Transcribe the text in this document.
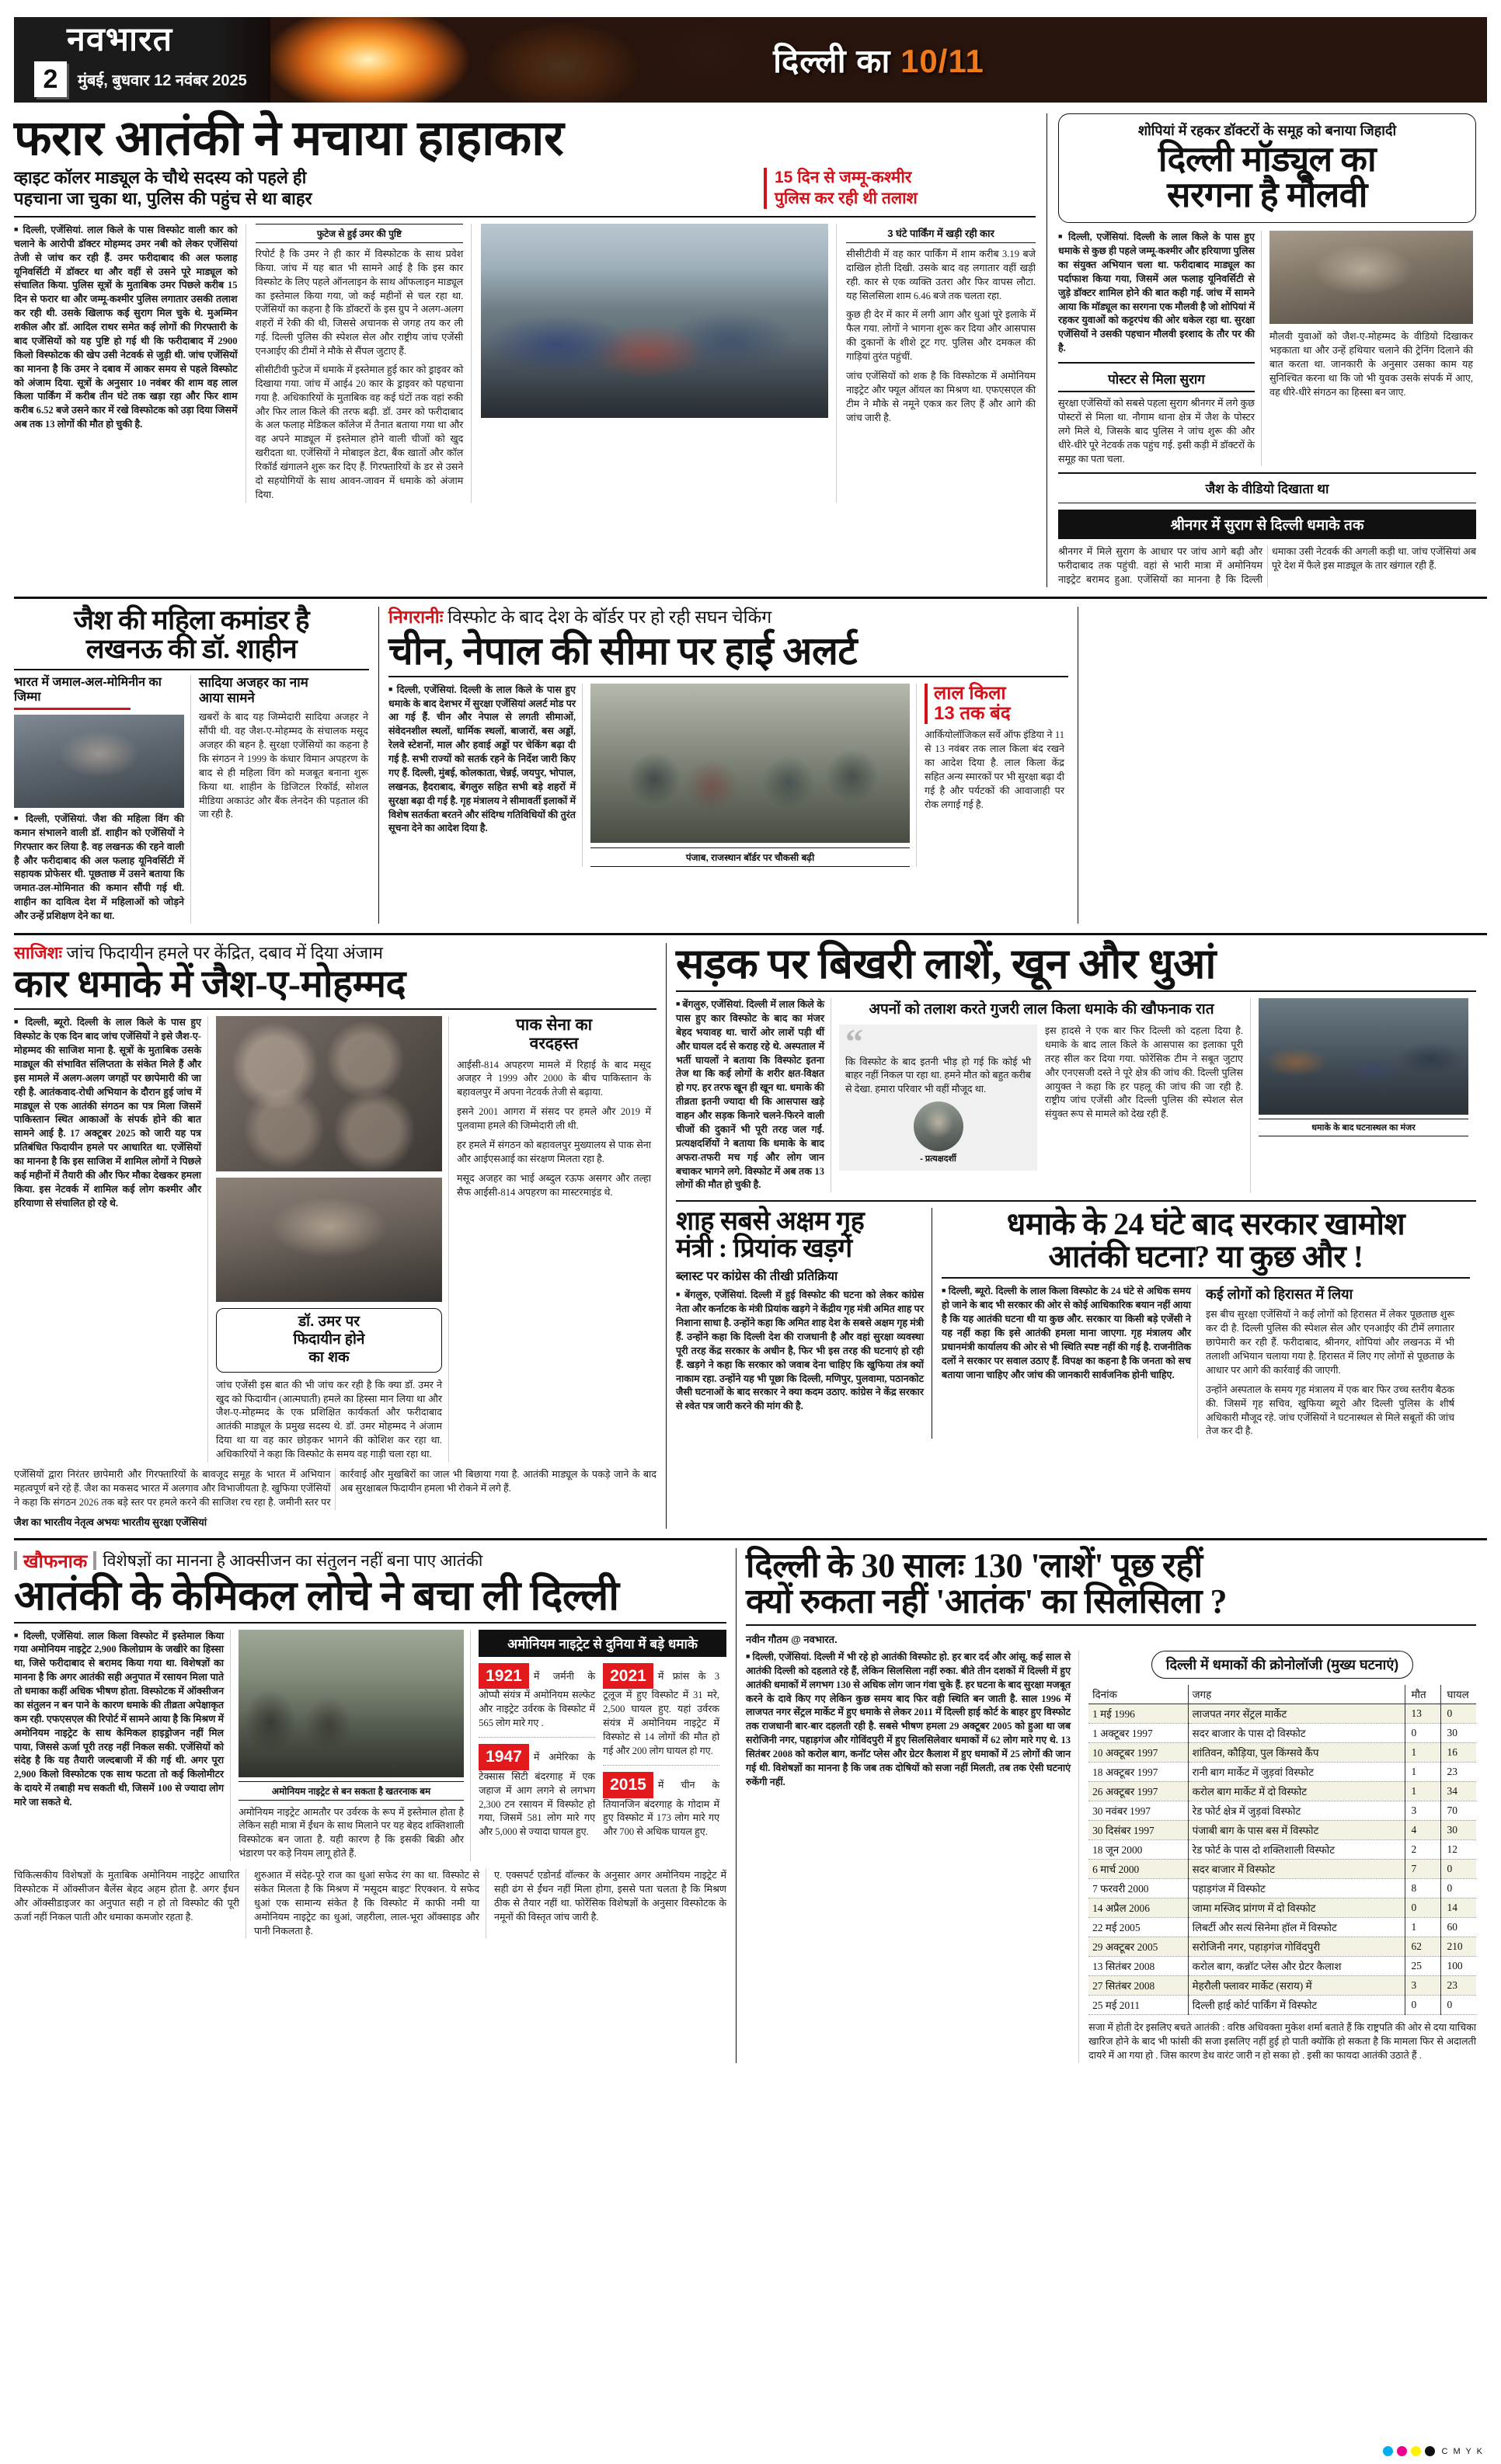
नवभारत
2	मुंबई, बुधवार 12 नवंबर 2025
दिल्ली का 10/11
फरार आतंकी ने मचाया हाहाकार
व्हाइट कॉलर माड्यूल के चौथे सदस्य को पहले ही
पहचाना जा चुका था, पुलिस की पहुंच से था बाहर
15 दिन से जम्मू-कश्मीर
पुलिस कर रही थी तलाश

■ दिल्ली, एजेंसियां. लाल किले के पास विस्फोट वाली कार को चलाने के आरोपी डॉक्टर मोहम्मद उमर नबी को लेकर एजेंसियां तेजी से जांच कर रही हैं. उमर फरीदाबाद की अल फलाह यूनिवर्सिटी में डॉक्टर था और वहीं से उसने पूरे माड्यूल को संचालित किया. पुलिस सूत्रों के मुताबिक उमर पिछले करीब 15 दिन से फरार था और जम्मू-कश्मीर पुलिस लगातार उसकी तलाश कर रही थी. उसके खिलाफ कई सुराग मिल चुके थे. मुअम्मिन शकील और डॉ. आदिल राथर समेत कई लोगों की गिरफ्तारी के बाद एजेंसियों को यह पुष्टि हो गई थी कि फरीदाबाद में 2900 किलो विस्फोटक की खेप उसी नेटवर्क से जुड़ी थी. जांच एजेंसियों का मानना है कि उमर ने दबाव में आकर समय से पहले विस्फोट को अंजाम दिया. सूत्रों के अनुसार 10 नवंबर की शाम वह लाल किला पार्किंग में करीब तीन घंटे तक खड़ा रहा और फिर शाम करीब 6.52 बजे उसने कार में रखे विस्फोटक को उड़ा दिया जिसमें अब तक 13 लोगों की मौत हो चुकी है.

फुटेज से हुई उमर की पुष्टि

रिपोर्ट है कि उमर ने ही कार में विस्फोटक के साथ प्रवेश किया. जांच में यह बात भी सामने आई है कि इस कार विस्फोट के लिए पहले ऑनलाइन के साथ ऑफलाइन माड्यूल का इस्तेमाल किया गया, जो कई महीनों से चल रहा था. एजेंसियों का कहना है कि डॉक्टरों के इस ग्रुप ने अलग-अलग शहरों में रेकी की थी, जिससे अचानक से जगह तय कर ली गई. दिल्ली पुलिस की स्पेशल सेल और राष्ट्रीय जांच एजेंसी एनआईए की टीमों ने मौके से सैंपल जुटाए हैं.

सीसीटीवी फुटेज में धमाके में इस्तेमाल हुई कार को ड्राइवर को दिखाया गया. जांच में आई4 20 कार के ड्राइवर को पहचाना गया है. अधिकारियों के मुताबिक वह कई घंटों तक वहां रुकी और फिर लाल किले की तरफ बढ़ी. डॉ. उमर को फरीदाबाद के अल फलाह मेडिकल कॉलेज में तैनात बताया गया था और वह अपने माड्यूल में इस्तेमाल होने वाली चीजों को खुद खरीदता था. एजेंसियों ने मोबाइल डेटा, बैंक खातों और कॉल रिकॉर्ड खंगालने शुरू कर दिए हैं. गिरफ्तारियों के डर से उसने दो सहयोगियों के साथ आवन-जावन में धमाके को अंजाम दिया.

3 घंटे पार्किंग में खड़ी रही कार

सीसीटीवी में वह कार पार्किंग में शाम करीब 3.19 बजे दाखिल होती दिखी. उसके बाद वह लगातार वहीं खड़ी रही. कार से एक व्यक्ति उतरा और फिर वापस लौटा. यह सिलसिला शाम 6.46 बजे तक चलता रहा.

कुछ ही देर में कार में लगी आग और धुआं पूरे इलाके में फैल गया. लोगों ने भागना शुरू कर दिया और आसपास की दुकानों के शीशे टूट गए. पुलिस और दमकल की गाड़ियां तुरंत पहुंचीं.

जांच एजेंसियों को शक है कि विस्फोटक में अमोनियम नाइट्रेट और फ्यूल ऑयल का मिश्रण था. एफएसएल की टीम ने मौके से नमूने एकत्र कर लिए हैं और आगे की जांच जारी है.

शोपियां में रहकर डॉक्टरों के समूह को बनाया जिहादी
दिल्ली मॉड्यूल का
सरगना है मौलवी

■ दिल्ली, एजेंसियां. दिल्ली के लाल किले के पास हुए धमाके से कुछ ही पहले जम्मू-कश्मीर और हरियाणा पुलिस का संयुक्त अभियान चला था. फरीदाबाद माड्यूल का पर्दाफाश किया गया, जिसमें अल फलाह यूनिवर्सिटी से जुड़े डॉक्टर शामिल होने की बात कही गई. जांच में सामने आया कि मॉड्यूल का सरगना एक मौलवी है जो शोपियां में रहकर युवाओं को कट्टरपंथ की ओर धकेल रहा था. सुरक्षा एजेंसियों ने उसकी पहचान मौलवी इरशाद के तौर पर की है.

पोस्टर से मिला सुराग

सुरक्षा एजेंसियों को सबसे पहला सुराग श्रीनगर में लगे कुछ पोस्टरों से मिला था. नौगाम थाना क्षेत्र में जैश के पोस्टर लगे मिले थे, जिसके बाद पुलिस ने जांच शुरू की और धीरे-धीरे पूरे नेटवर्क तक पहुंच गई. इसी कड़ी में डॉक्टरों के समूह का पता चला.

मौलवी युवाओं को जैश-ए-मोहम्मद के वीडियो दिखाकर भड़काता था और उन्हें हथियार चलाने की ट्रेनिंग दिलाने की बात करता था. जानकारी के अनुसार उसका काम यह सुनिश्चित करना था कि जो भी युवक उसके संपर्क में आए, वह धीरे-धीरे संगठन का हिस्सा बन जाए.

जैश के वीडियो दिखाता था
श्रीनगर में सुराग से दिल्ली धमाके तक

श्रीनगर में मिले सुराग के आधार पर जांच आगे बढ़ी और फरीदाबाद तक पहुंची. वहां से भारी मात्रा में अमोनियम नाइट्रेट बरामद हुआ. एजेंसियों का मानना है कि दिल्ली धमाका उसी नेटवर्क की अगली कड़ी था. जांच एजेंसियां अब पूरे देश में फैले इस माड्यूल के तार खंगाल रही हैं.

जैश की महिला कमांडर है
लखनऊ की डॉ. शाहीन
भारत में जमाल-अल-मोमिनीन का जिम्मा

■ दिल्ली, एजेंसियां. जैश की महिला विंग की कमान संभालने वाली डॉ. शाहीन को एजेंसियों ने गिरफ्तार कर लिया है. वह लखनऊ की रहने वाली है और फरीदाबाद की अल फलाह यूनिवर्सिटी में सहायक प्रोफेसर थी. पूछताछ में उसने बताया कि जमात-उल-मोमिनात की कमान सौंपी गई थी. शाहीन का दावित्व देश में महिलाओं को जोड़ने और उन्हें प्रशिक्षण देने का था.

सादिया अजहर का नाम
आया सामने

खबरों के बाद यह जिम्मेदारी सादिया अजहर ने सौंपी थी. वह जैश-ए-मोहम्मद के संचालक मसूद अजहर की बहन है. सुरक्षा एजेंसियों का कहना है कि संगठन ने 1999 के कंधार विमान अपहरण के बाद से ही महिला विंग को मजबूत बनाना शुरू किया था. शाहीन के डिजिटल रिकॉर्ड, सोशल मीडिया अकाउंट और बैंक लेनदेन की पड़ताल की जा रही है.

निगरानीः विस्फोट के बाद देश के बॉर्डर पर हो रही सघन चेकिंग
चीन, नेपाल की सीमा पर हाई अलर्ट

■ दिल्ली, एजेंसियां. दिल्ली के लाल किले के पास हुए धमाके के बाद देशभर में सुरक्षा एजेंसियां अलर्ट मोड पर आ गई हैं. चीन और नेपाल से लगती सीमाओं, संवेदनशील स्थलों, धार्मिक स्थलों, बाजारों, बस अड्डों, रेलवे स्टेशनों, माल और हवाई अड्डों पर चेकिंग बढ़ा दी गई है. सभी राज्यों को सतर्क रहने के निर्देश जारी किए गए हैं. दिल्ली, मुंबई, कोलकाता, चेन्नई, जयपुर, भोपाल, लखनऊ, हैदराबाद, बेंगलुरु सहित सभी बड़े शहरों में सुरक्षा बढ़ा दी गई है. गृह मंत्रालय ने सीमावर्ती इलाकों में विशेष सतर्कता बरतने और संदिग्ध गतिविधियों की तुरंत सूचना देने का आदेश दिया है.

पंजाब, राजस्थान बॉर्डर पर चौकसी बढ़ी
लाल किला
13 तक बंद

आर्कियोलॉजिकल सर्वे ऑफ इंडिया ने 11 से 13 नवंबर तक लाल किला बंद रखने का आदेश दिया है. लाल किला केंद्र सहित अन्य स्मारकों पर भी सुरक्षा बढ़ा दी गई है और पर्यटकों की आवाजाही पर रोक लगाई गई है.

साजिशः जांच फिदायीन हमले पर केंद्रित, दबाव में दिया अंजाम
कार धमाके में जैश-ए-मोहम्मद

■ दिल्ली, ब्यूरो. दिल्ली के लाल किले के पास हुए विस्फोट के एक दिन बाद जांच एजेंसियों ने इसे जैश-ए-मोहम्मद की साजिश माना है. सूत्रों के मुताबिक उसके माड्यूल की संभावित संलिप्तता के संकेत मिले हैं और इस मामले में अलग-अलग जगहों पर छापेमारी की जा रही है. आतंकवाद-रोधी अभियान के दौरान हुई जांच में माड्यूल से एक आतंकी संगठन का पत्र मिला जिसमें पाकिस्तान स्थित आकाओं के संपर्क होने की बात सामने आई है. 17 अक्टूबर 2025 को जारी यह पत्र प्रतिबंधित फिदायीन हमले पर आधारित था. एजेंसियों का मानना है कि इस साजिश में शामिल लोगों ने पिछले कई महीनों में तैयारी की और फिर मौका देखकर हमला किया. इस नेटवर्क में शामिल कई लोग कश्मीर और हरियाणा से संचालित हो रहे थे.

डॉ. उमर पर
फिदायीन होने
का शक

जांच एजेंसी इस बात की भी जांच कर रही है कि क्या डॉ. उमर ने खुद को फिदायीन (आत्मघाती) हमले का हिस्सा मान लिया था और जैश-ए-मोहम्मद के एक प्रशिक्षित कार्यकर्ता और फरीदाबाद आतंकी माड्यूल के प्रमुख सदस्य थे. डॉ. उमर मोहम्मद ने अंजाम दिया था या वह कार छोड़कर भागने की कोशिश कर रहा था. अधिकारियों ने कहा कि विस्फोट के समय वह गाड़ी चला रहा था.

पाक सेना का
वरदहस्त

आईसी-814 अपहरण मामले में रिहाई के बाद मसूद अजहर ने 1999 और 2000 के बीच पाकिस्तान के बहावलपुर में अपना नेटवर्क तेजी से बढ़ाया.

इसने 2001 आगरा में संसद पर हमले और 2019 में पुलवामा हमले की जिम्मेदारी ली थी.

हर हमले में संगठन को बहावलपुर मुख्यालय से पाक सेना और आईएसआई का संरक्षण मिलता रहा है.

मसूद अजहर का भाई अब्दुल रऊफ असगर और तल्हा सैफ आईसी-814 अपहरण का मास्टरमाइंड थे.

एजेंसियों द्वारा निरंतर छापेमारी और गिरफ्तारियों के बावजूद समूह के भारत में अभियान महत्वपूर्ण बने रहे हैं. जैश का मकसद भारत में अलगाव और विभाजीयता है. खुफिया एजेंसियों ने कहा कि संगठन 2026 तक बड़े स्तर पर हमले करने की साजिश रच रहा है. जमीनी स्तर पर कार्रवाई और मुखबिरों का जाल भी बिछाया गया है. आतंकी माड्यूल के पकड़े जाने के बाद अब सुरक्षाबल फिदायीन हमला भी रोकने में लगे हैं.

जैश का भारतीय नेतृत्व अभयः भारतीय सुरक्षा एजेंसियां
सड़क पर बिखरी लाशें, खून और धुआं

■ बेंगलुरु, एजेंसियां. दिल्ली में लाल किले के पास हुए कार विस्फोट के बाद का मंजर बेहद भयावह था. चारों ओर लाशें पड़ी थीं और घायल दर्द से कराह रहे थे. अस्पताल में भर्ती घायलों ने बताया कि विस्फोट इतना तेज था कि कई लोगों के शरीर क्षत-विक्षत हो गए. हर तरफ खून ही खून था. धमाके की तीव्रता इतनी ज्यादा थी कि आसपास खड़े वाहन और सड़क किनारे चलने-फिरने वाली चीजों की दुकानें भी पूरी तरह जल गईं. प्रत्यक्षदर्शियों ने बताया कि धमाके के बाद अफरा-तफरी मच गई और लोग जान बचाकर भागने लगे. विस्फोट में अब तक 13 लोगों की मौत हो चुकी है.

अपनों को तलाश करते गुजरी लाल किला धमाके की खौफनाक रात
“

कि विस्फोट के बाद इतनी भीड़ हो गई कि कोई भी बाहर नहीं निकल पा रहा था. हमने मौत को बहुत करीब से देखा. हमारा परिवार भी वहीं मौजूद था.

- प्रत्यक्षदर्शी

इस हादसे ने एक बार फिर दिल्ली को दहला दिया है. धमाके के बाद लाल किले के आसपास का इलाका पूरी तरह सील कर दिया गया. फोरेंसिक टीम ने सबूत जुटाए और एनएसजी दस्ते ने पूरे क्षेत्र की जांच की. दिल्ली पुलिस आयुक्त ने कहा कि हर पहलू की जांच की जा रही है. राष्ट्रीय जांच एजेंसी और दिल्ली पुलिस की स्पेशल सेल संयुक्त रूप से मामले को देख रही हैं.

धमाके के बाद घटनास्थल का मंजर
शाह सबसे अक्षम गृह
मंत्री : प्रियांक खड़गे
ब्लास्ट पर कांग्रेस की तीखी प्रतिक्रिया

■ बेंगलुरु, एजेंसियां. दिल्ली में हुई विस्फोट की घटना को लेकर कांग्रेस नेता और कर्नाटक के मंत्री प्रियांक खड़गे ने केंद्रीय गृह मंत्री अमित शाह पर निशाना साधा है. उन्होंने कहा कि अमित शाह देश के सबसे अक्षम गृह मंत्री हैं. उन्होंने कहा कि दिल्ली देश की राजधानी है और वहां सुरक्षा व्यवस्था पूरी तरह केंद्र सरकार के अधीन है, फिर भी इस तरह की घटनाएं हो रही हैं. खड़गे ने कहा कि सरकार को जवाब देना चाहिए कि खुफिया तंत्र क्यों नाकाम रहा. उन्होंने यह भी पूछा कि दिल्ली, मणिपुर, पुलवामा, पठानकोट जैसी घटनाओं के बाद सरकार ने क्या कदम उठाए. कांग्रेस ने केंद्र सरकार से श्वेत पत्र जारी करने की मांग की है.

धमाके के 24 घंटे बाद सरकार खामोश
आतंकी घटना? या कुछ और !

■ दिल्ली, ब्यूरो. दिल्ली के लाल किला विस्फोट के 24 घंटे से अधिक समय हो जाने के बाद भी सरकार की ओर से कोई आधिकारिक बयान नहीं आया है कि यह आतंकी घटना थी या कुछ और. सरकार या किसी बड़े एजेंसी ने यह नहीं कहा कि इसे आतंकी हमला माना जाएगा. गृह मंत्रालय और प्रधानमंत्री कार्यालय की ओर से भी स्थिति स्पष्ट नहीं की गई है. राजनीतिक दलों ने सरकार पर सवाल उठाए हैं. विपक्ष का कहना है कि जनता को सच बताया जाना चाहिए और जांच की जानकारी सार्वजनिक होनी चाहिए.

कई लोगों को हिरासत में लिया

इस बीच सुरक्षा एजेंसियों ने कई लोगों को हिरासत में लेकर पूछताछ शुरू कर दी है. दिल्ली पुलिस की स्पेशल सेल और एनआईए की टीमें लगातार छापेमारी कर रही हैं. फरीदाबाद, श्रीनगर, शोपियां और लखनऊ में भी तलाशी अभियान चलाया गया है. हिरासत में लिए गए लोगों से पूछताछ के आधार पर आगे की कार्रवाई की जाएगी.

उन्होंने अस्पताल के समय गृह मंत्रालय में एक बार फिर उच्च स्तरीय बैठक की. जिसमें गृह सचिव, खुफिया ब्यूरो और दिल्ली पुलिस के शीर्ष अधिकारी मौजूद रहे. जांच एजेंसियों ने घटनास्थल से मिले सबूतों की जांच तेज कर दी है.

खौफनाक विशेषज्ञों का मानना है आक्सीजन का संतुलन नहीं बना पाए आतंकी
आतंकी के केमिकल लोचे ने बचा ली दिल्ली

■ दिल्ली, एजेंसियां. लाल किला विस्फोट में इस्तेमाल किया गया अमोनियम नाइट्रेट 2,900 किलोग्राम के जखीरे का हिस्सा था, जिसे फरीदाबाद से बरामद किया गया था. विशेषज्ञों का मानना है कि अगर आतंकी सही अनुपात में रसायन मिला पाते तो धमाका कहीं अधिक भीषण होता. विस्फोटक में ऑक्सीजन का संतुलन न बन पाने के कारण धमाके की तीव्रता अपेक्षाकृत कम रही. एफएसएल की रिपोर्ट में सामने आया है कि मिश्रण में अमोनियम नाइट्रेट के साथ केमिकल हाइड्रोजन नहीं मिल पाया, जिससे ऊर्जा पूरी तरह नहीं निकल सकी. एजेंसियों को संदेह है कि यह तैयारी जल्दबाजी में की गई थी. अगर पूरा 2,900 किलो विस्फोटक एक साथ फटता तो कई किलोमीटर के दायरे में तबाही मच सकती थी, जिसमें 100 से ज्यादा लोग मारे जा सकते थे.

अमोनियम नाइट्रेट से बन सकता है खतरनाक बम

अमोनियम नाइट्रेट आमतौर पर उर्वरक के रूप में इस्तेमाल होता है लेकिन सही मात्रा में ईंधन के साथ मिलाने पर यह बेहद शक्तिशाली विस्फोटक बन जाता है. यही कारण है कि इसकी बिक्री और भंडारण पर कड़े नियम लागू होते हैं.

अमोनियम नाइट्रेट से दुनिया में बड़े धमाके

1921 में जर्मनी के ओप्पौ संयंत्र में अमोनियम सल्फेट और नाइट्रेट उर्वरक के विस्फोट में 565 लोग मारे गए .

1947 में अमेरिका के टेक्सास सिटी बंदरगाह में एक जहाज में आग लगने से लगभग 2,300 टन रसायन में विस्फोट हो गया, जिसमें 581 लोग मारे गए और 5,000 से ज्यादा घायल हुए.

2021 में फ्रांस के 3 टूलूज में हुए विस्फोट में 31 मरे, 2,500 घायल हुए. यहां उर्वरक संयंत्र में अमोनियम नाइट्रेट में विस्फोट से 14 लोगों की मौत हो गई और 200 लोग घायल हो गए.

2015 में चीन के तियानजिन बंदरगाह के गोदाम में हुए विस्फोट में 173 लोग मारे गए और 700 से अधिक घायल हुए.

चिकित्सकीय विशेषज्ञों के मुताबिक अमोनियम नाइट्रेट आधारित विस्फोटक में ऑक्सीजन बैलेंस बेहद अहम होता है. अगर ईंधन और ऑक्सीडाइजर का अनुपात सही न हो तो विस्फोट की पूरी ऊर्जा नहीं निकल पाती और धमाका कमजोर रहता है.

शुरुआत में संदेह-पूरे राज का धुआं सफेद रंग का था. विस्फोट से संकेत मिलता है कि मिश्रण में 'मसूदम बाइट' रिएक्शन. ये सफेद धुआं एक सामान्य संकेत है कि विस्फोट में काफी नमी या अमोनियम नाइट्रेट का धुआं, जहरीला, लाल-भूरा ऑक्साइड और पानी निकलता है.

ए. एक्सपर्ट एडोनर्ड वॉल्कर के अनुसार अगर अमोनियम नाइट्रेट में सही ढंग से ईंधन नहीं मिला होगा, इससे पता चलता है कि मिश्रण ठीक से तैयार नहीं था. फोरेंसिक विशेषज्ञों के अनुसार विस्फोटक के नमूनों की विस्तृत जांच जारी है.

दिल्ली के 30 सालः 130 'लाशें' पूछ रहीं
क्यों रुकता नहीं 'आतंक' का सिलसिला ?
नवीन गौतम @ नवभारत.

■ दिल्ली, एजेंसियां. दिल्ली में भी रहे हो आतंकी विस्फोट हो. हर बार दर्द और आंसू. कई साल से आतंकी दिल्ली को दहलाते रहे हैं, लेकिन सिलसिला नहीं रुका. बीते तीन दशकों में दिल्ली में हुए आतंकी धमाकों में लगभग 130 से अधिक लोग जान गंवा चुके हैं. हर घटना के बाद सुरक्षा मजबूत करने के दावे किए गए लेकिन कुछ समय बाद फिर वही स्थिति बन जाती है. साल 1996 में लाजपत नगर सेंट्रल मार्केट में हुए धमाके से लेकर 2011 में दिल्ली हाई कोर्ट के बाहर हुए विस्फोट तक राजधानी बार-बार दहलती रही है. सबसे भीषण हमला 29 अक्टूबर 2005 को हुआ था जब सरोजिनी नगर, पहाड़गंज और गोविंदपुरी में हुए सिलसिलेवार धमाकों में 62 लोग मारे गए थे. 13 सितंबर 2008 को करोल बाग, कनॉट प्लेस और ग्रेटर कैलाश में हुए धमाकों में 25 लोगों की जान गई थी. विशेषज्ञों का मानना है कि जब तक दोषियों को सजा नहीं मिलती, तब तक ऐसी घटनाएं रुकेंगी नहीं.

दिल्ली में धमाकों की क्रोनोलॉजी (मुख्य घटनाएं)
दिनांक	जगह	मौत	घायल
1 मई 1996	लाजपत नगर सेंट्रल मार्केट	13	0
1 अक्टूबर 1997	सदर बाजार के पास दो विस्फोट	0	30
10 अक्टूबर 1997	शांतिवन, कौड़िया, पुल किंग्सवे कैंप	1	16
18 अक्टूबर 1997	रानी बाग मार्केट में जुड़वां विस्फोट	1	23
26 अक्टूबर 1997	करोल बाग मार्केट में दो विस्फोट	1	34
30 नवंबर 1997	रेड फोर्ट क्षेत्र में जुड़वां विस्फोट	3	70
30 दिसंबर 1997	पंजाबी बाग के पास बस में विस्फोट	4	30
18 जून 2000	रेड फोर्ट के पास दो शक्तिशाली विस्फोट	2	12
6 मार्च 2000	सदर बाजार में विस्फोट	7	0
7 फरवरी 2000	पहाड़गंज में विस्फोट	8	0
14 अप्रैल 2006	जामा मस्जिद प्रांगण में दो विस्फोट	0	14
22 मई 2005	लिबर्टी और सत्यं सिनेमा हॉल में विस्फोट	1	60
29 अक्टूबर 2005	सरोजिनी नगर, पहाड़गंज गोविंदपुरी	62	210
13 सितंबर 2008	करोल बाग, कन्नॉट प्लेस और ग्रेटर कैलाश	25	100
27 सितंबर 2008	मेहरौली फ्लावर मार्केट (सराय) में	3	23
25 मई 2011	दिल्ली हाई कोर्ट पार्किंग में विस्फोट	0	0

सजा में होती देर इसलिए बचते आतंकी : वरिष्ठ अधिवक्ता मुकेश शर्मा बताते हैं कि राष्ट्रपति की ओर से दया याचिका खारिज होने के बाद भी फांसी की सजा इसलिए नहीं हुई हो पाती क्योंकि हो सकता है कि मामला फिर से अदालती दायरे में आ गया हो . जिस कारण डेथ वारंट जारी न हो सका हो . इसी का फायदा आतंकी उठाते हैं .

C M Y K
